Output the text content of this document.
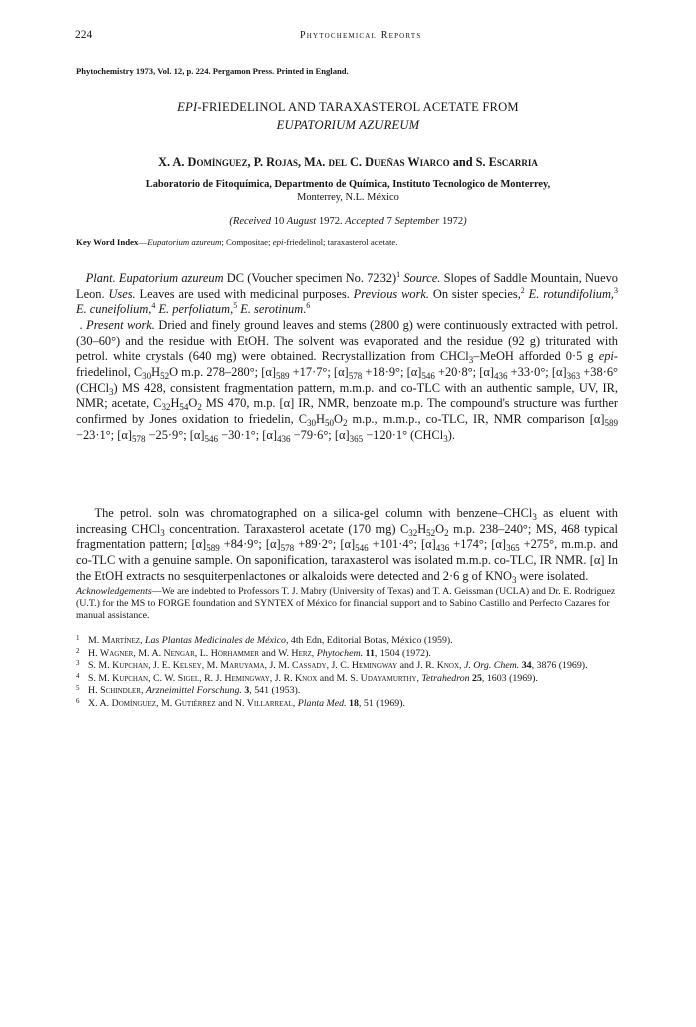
224	Phytochemical Reports
Phytochemistry 1973, Vol. 12, p. 224. Pergamon Press. Printed in England.
EPI-FRIEDELINOL AND TARAXASTEROL ACETATE FROM
EUPATORIUM AZUREUM
X. A. Domínguez, P. Rojas, Ma. del C. Dueñas Wiarco and S. Escarria
Laboratorio de Fitoquímica, Departmento de Química, Instituto Tecnologico de Monterrey,
Monterrey, N.L. México
(Received 10 August 1972. Accepted 7 September 1972)
Key Word Index—Eupatorium azureum; Compositae; epi-friedelinol; taraxasterol acetate.

Plant. Eupatorium azureum DC (Voucher specimen No. 7232)$^1$ Source. Slopes of Saddle Mountain, Nuevo Leon. Uses. Leaves are used with medicinal purposes. Previous work. On sister species,$^2$ E. rotundifolium,$^3$ E. cuneifolium,$^4$ E. perfoliatum,$^5$ E. serotinum.$^6$

. Present work. Dried and finely ground leaves and stems (2800 g) were continuously extracted with petrol. (30–60°) and the residue with EtOH. The solvent was evaporated and the residue (92 g) triturated with petrol. white crystals (640 mg) were obtained. Recrystallization from CHCl$_3$–MeOH afforded 0·5 g epi-friedelinol, $C_{30}H_{52}O$ m.p. 278–280°; $[\alpha]_{589} +17\cdot 7^\circ$; $[\alpha]_{578} +18\cdot 9^\circ$; $[\alpha]_{546} +20\cdot 8^\circ$; $[\alpha]_{436} +33\cdot 0^\circ$; $[\alpha]_{363} +38\cdot 6^\circ$ (CHCl$_3$) MS 428, consistent fragmentation pattern, m.m.p. and co-TLC with an authentic sample, UV, IR, NMR; acetate, $C_{32}H_{54}O_2$ MS 470, m.p. [α] IR, NMR, benzoate m.p. The compound's structure was further confirmed by Jones oxidation to friedelin, $C_{30}H_{50}O_2$ m.p., m.m.p., co-TLC, IR, NMR comparison $[\alpha]_{589} -23\cdot 1^\circ$; $[\alpha]_{578} -25\cdot 9^\circ$; $[\alpha]_{546} -30\cdot 1^\circ$; $[\alpha]_{436} -79\cdot 6^\circ$; $[\alpha]_{365} -120\cdot 1^\circ$ (CHCl$_3$).

The petrol. soln was chromatographed on a silica-gel column with benzene–CHCl$_3$ as eluent with increasing CHCl$_3$ concentration. Taraxasterol acetate (170 mg) $C_{32}H_{52}O_2$ m.p. 238–240°; MS, 468 typical fragmentation pattern; $[\alpha]_{589} +84\cdot 9^\circ$; $[\alpha]_{578} +89\cdot 2^\circ$; $[\alpha]_{546} +101\cdot 4^\circ$; $[\alpha]_{436} +174^\circ$; $[\alpha]_{365} +275^\circ$, m.m.p. and co-TLC with a genuine sample. On saponification, taraxasterol was isolated m.m.p. co-TLC, IR NMR. [α] In the EtOH extracts no sesquiterpenlactones or alkaloids were detected and 2·6 g of $KNO_3$ were isolated.

Acknowledgements—We are indebted to Professors T. J. Mabry (University of Texas) and T. A. Geissman (UCLA) and Dr. E. Rodríguez (U.T.) for the MS to FORGE foundation and SYNTEX of México for financial support and to Sabino Castillo and Perfecto Cazares for manual assistance.
1 M. Martínez, Las Plantas Medicinales de México, 4th Edn, Editorial Botas, México (1959).
2 H. Wagner, M. A. Nengar, L. Hörhammer and W. Herz, Phytochem. 11, 1504 (1972).
3 S. M. Kupchan, J. E. Kelsey, M. Maruyama, J. M. Cassady, J. C. Hemingway and J. R. Knox, J. Org. Chem. 34, 3876 (1969).
4 S. M. Kupchan, C. W. Sigel, R. J. Hemingway, J. R. Knox and M. S. Udayamurthy, Tetrahedron 25, 1603 (1969).
5 H. Schindler, Arzneimittel Forschung. 3, 541 (1953).
6 X. A. Domínguez, M. Gutiérrez and N. Villarreal, Planta Med. 18, 51 (1969).
